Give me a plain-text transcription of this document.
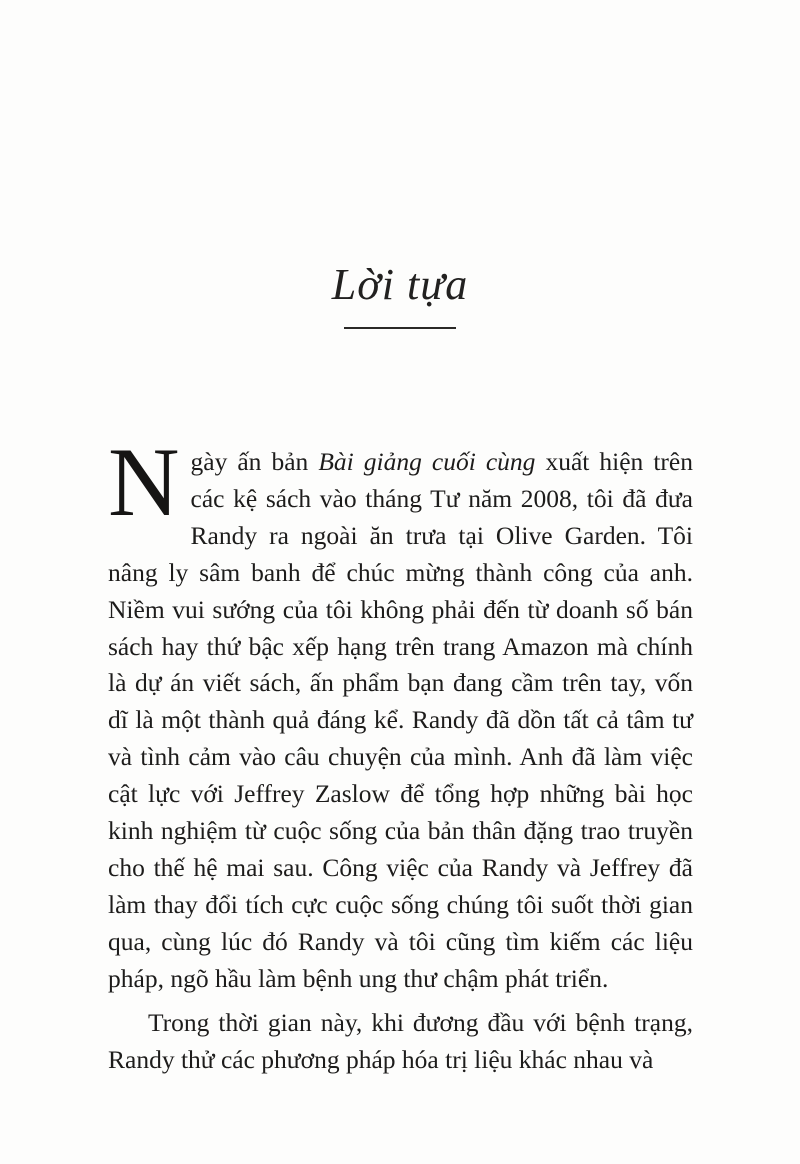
Lời tựa

Ngày ấn bản Bài giảng cuối cùng xuất hiện trên các kệ sách vào tháng Tư năm 2008, tôi đã đưa Randy ra ngoài ăn trưa tại Olive Garden. Tôi nâng ly sâm banh để chúc mừng thành công của anh. Niềm vui sướng của tôi không phải đến từ doanh số bán sách hay thứ bậc xếp hạng trên trang Amazon mà chính là dự án viết sách, ấn phẩm bạn đang cầm trên tay, vốn dĩ là một thành quả đáng kể. Randy đã dồn tất cả tâm tư và tình cảm vào câu chuyện của mình. Anh đã làm việc cật lực với Jeffrey Zaslow để tổng hợp những bài học kinh nghiệm từ cuộc sống của bản thân đặng trao truyền cho thế hệ mai sau. Công việc của Randy và Jeffrey đã làm thay đổi tích cực cuộc sống chúng tôi suốt thời gian qua, cùng lúc đó Randy và tôi cũng tìm kiếm các liệu pháp, ngõ hầu làm bệnh ung thư chậm phát triển.

Trong thời gian này, khi đương đầu với bệnh trạng, Randy thử các phương pháp hóa trị liệu khác nhau và
